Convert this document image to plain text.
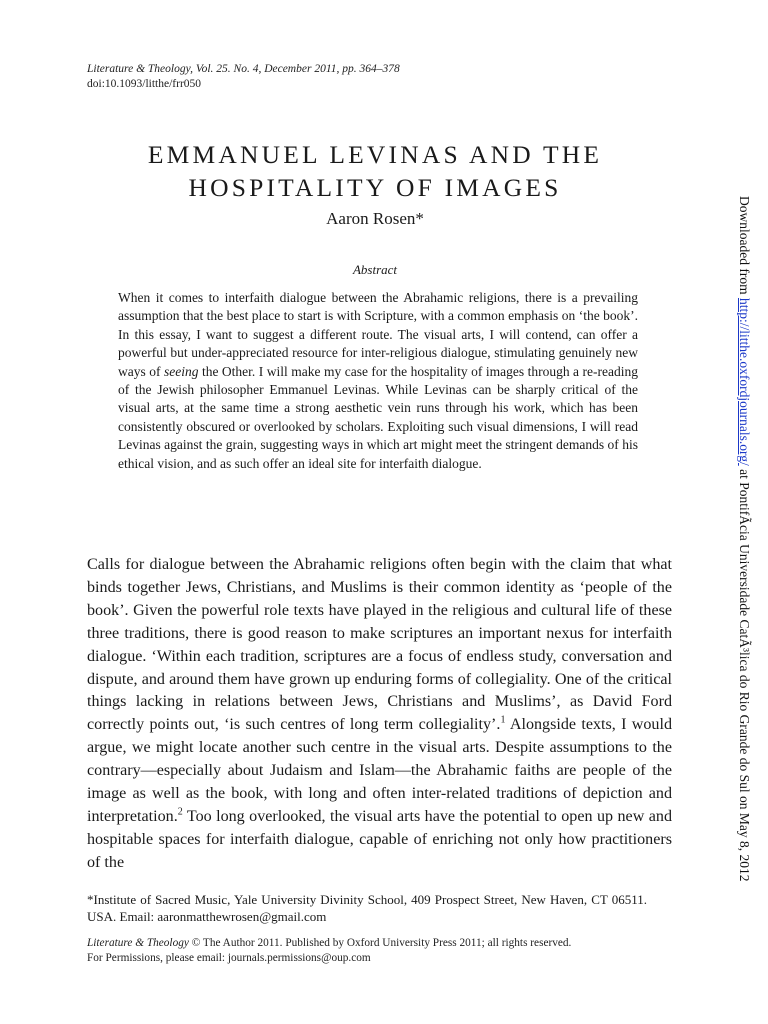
Literature & Theology, Vol. 25. No. 4, December 2011, pp. 364–378
doi:10.1093/litthe/frr050
EMMANUEL LEVINAS AND THE
HOSPITALITY OF IMAGES
Aaron Rosen*
Abstract
When it comes to interfaith dialogue between the Abrahamic religions, there is a prevailing assumption that the best place to start is with Scripture, with a common emphasis on ‘the book’. In this essay, I want to suggest a different route. The visual arts, I will contend, can offer a powerful but under-appreciated resource for inter-religious dialogue, stimulating genuinely new ways of seeing the Other. I will make my case for the hospitality of images through a re-reading of the Jewish philosopher Emmanuel Levinas. While Levinas can be sharply critical of the visual arts, at the same time a strong aesthetic vein runs through his work, which has been consistently obscured or overlooked by scholars. Exploiting such visual dimensions, I will read Levinas against the grain, suggesting ways in which art might meet the stringent demands of his ethical vision, and as such offer an ideal site for interfaith dialogue.

Calls for dialogue between the Abrahamic religions often begin with the claim that what binds together Jews, Christians, and Muslims is their common identity as ‘people of the book’. Given the powerful role texts have played in the religious and cultural life of these three traditions, there is good reason to make scriptures an important nexus for interfaith dialogue. ‘Within each tradition, scriptures are a focus of endless study, conversation and dispute, and around them have grown up enduring forms of collegiality. One of the critical things lacking in relations between Jews, Christians and Muslims’, as David Ford correctly points out, ‘is such centres of long term collegiality’.$^1$ Alongside texts, I would argue, we might locate another such centre in the visual arts. Despite assumptions to the contrary—especially about Judaism and Islam—the Abrahamic faiths are people of the image as well as the book, with long and often inter-related traditions of depiction and interpretation.$^2$ Too long overlooked, the visual arts have the potential to open up new and hospitable spaces for interfaith dialogue, capable of enriching not only how practitioners of the

*Institute of Sacred Music, Yale University Divinity School, 409 Prospect Street, New Haven, CT 06511. USA. Email: aaronmatthewrosen@gmail.com
Literature & Theology © The Author 2011. Published by Oxford University Press 2011; all rights reserved.
For Permissions, please email: journals.permissions@oup.com
Downloaded from http://litthe.oxfordjournals.org/ at PontifÃcia Universidade CatÃ³lica do Rio Grande do Sul on May 8, 2012
